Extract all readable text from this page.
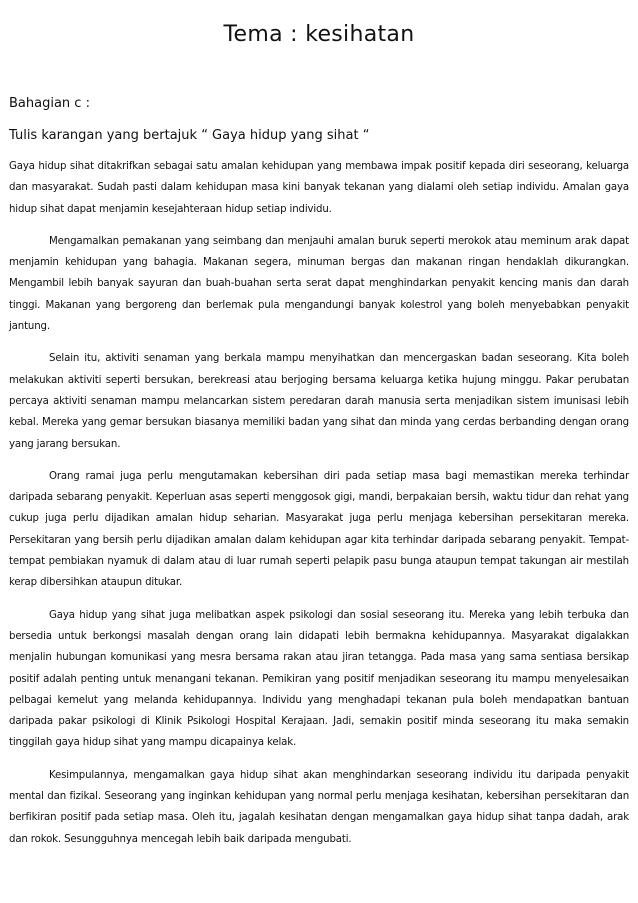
Tema : kesihatan
Bahagian c :
Tulis karangan yang bertajuk “ Gaya hidup yang sihat “

Gaya hidup sihat ditakrifkan sebagai satu amalan kehidupan yang membawa impak positif kepada diri seseorang, keluarga dan masyarakat. Sudah pasti dalam kehidupan masa kini banyak tekanan yang dialami oleh setiap individu. Amalan gaya hidup sihat dapat menjamin kesejahteraan hidup setiap individu.

Mengamalkan pemakanan yang seimbang dan menjauhi amalan buruk seperti merokok atau meminum arak dapat menjamin kehidupan yang bahagia. Makanan segera, minuman bergas dan makanan ringan hendaklah dikurangkan. Mengambil lebih banyak sayuran dan buah-buahan serta serat dapat menghindarkan penyakit kencing manis dan darah tinggi. Makanan yang bergoreng dan berlemak pula mengandungi banyak kolestrol yang boleh menyebabkan penyakit jantung.

Selain itu, aktiviti senaman yang berkala mampu menyihatkan dan mencergaskan badan seseorang. Kita boleh melakukan aktiviti seperti bersukan, berekreasi atau berjoging bersama keluarga ketika hujung minggu. Pakar perubatan percaya aktiviti senaman mampu melancarkan sistem peredaran darah manusia serta menjadikan sistem imunisasi lebih kebal. Mereka yang gemar bersukan biasanya memiliki badan yang sihat dan minda yang cerdas berbanding dengan orang yang jarang bersukan.

Orang ramai juga perlu mengutamakan kebersihan diri pada setiap masa bagi memastikan mereka terhindar daripada sebarang penyakit. Keperluan asas seperti menggosok gigi, mandi, berpakaian bersih, waktu tidur dan rehat yang cukup juga perlu dijadikan amalan hidup seharian. Masyarakat juga perlu menjaga kebersihan persekitaran mereka. Persekitaran yang bersih perlu dijadikan amalan dalam kehidupan agar kita terhindar daripada sebarang penyakit. Tempat-tempat pembiakan nyamuk di dalam atau di luar rumah seperti pelapik pasu bunga ataupun tempat takungan air mestilah kerap dibersihkan ataupun ditukar.

Gaya hidup yang sihat juga melibatkan aspek psikologi dan sosial seseorang itu. Mereka yang lebih terbuka dan bersedia untuk berkongsi masalah dengan orang lain didapati lebih bermakna kehidupannya. Masyarakat digalakkan menjalin hubungan komunikasi yang mesra bersama rakan atau jiran tetangga. Pada masa yang sama sentiasa bersikap positif adalah penting untuk menangani tekanan. Pemikiran yang positif menjadikan seseorang itu mampu menyelesaikan pelbagai kemelut yang melanda kehidupannya. Individu yang menghadapi tekanan pula boleh mendapatkan bantuan daripada pakar psikologi di Klinik Psikologi Hospital Kerajaan. Jadi, semakin positif minda seseorang itu maka semakin tinggilah gaya hidup sihat yang mampu dicapainya kelak.

Kesimpulannya, mengamalkan gaya hidup sihat akan menghindarkan seseorang individu itu daripada penyakit mental dan fizikal. Seseorang yang inginkan kehidupan yang normal perlu menjaga kesihatan, kebersihan persekitaran dan berfikiran positif pada setiap masa. Oleh itu, jagalah kesihatan dengan mengamalkan gaya hidup sihat tanpa dadah, arak dan rokok. Sesungguhnya mencegah lebih baik daripada mengubati.
